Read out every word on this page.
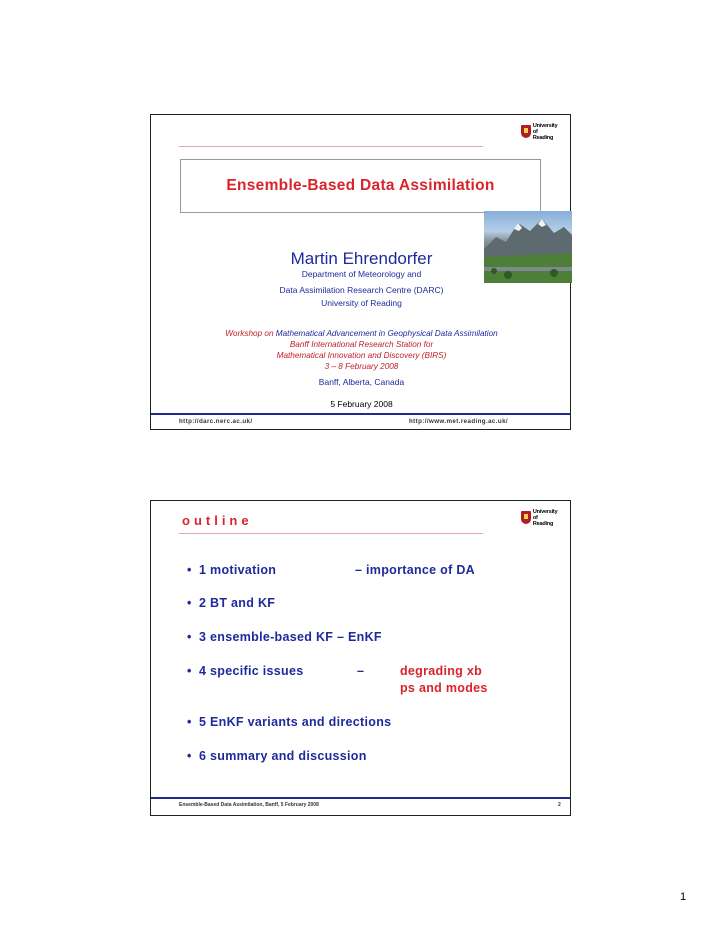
University of
Reading
Ensemble-Based Data Assimilation
Martin Ehrendorfer
Department of Meteorology and
Data Assimilation Research Centre (DARC)
University of Reading
Workshop on Mathematical Advancement in Geophysical Data Assimilation
Banff International Research Station for
Mathematical Innovation and Discovery (BIRS)
3 – 8 February 2008
Banff, Alberta, Canada
5 February 2008
http://darc.nerc.ac.uk/	http://www.met.reading.ac.uk/
University of
Reading
outline
• 1 motivation	– importance of DA
• 2 BT and KF
• 3 ensemble-based KF – EnKF
• 4 specific issues	–	degrading xb
ps and modes
• 5 EnKF variants and directions
• 6 summary and discussion
Ensemble-Based Data Assimilation, Banff, 5 February 2008	2
1
